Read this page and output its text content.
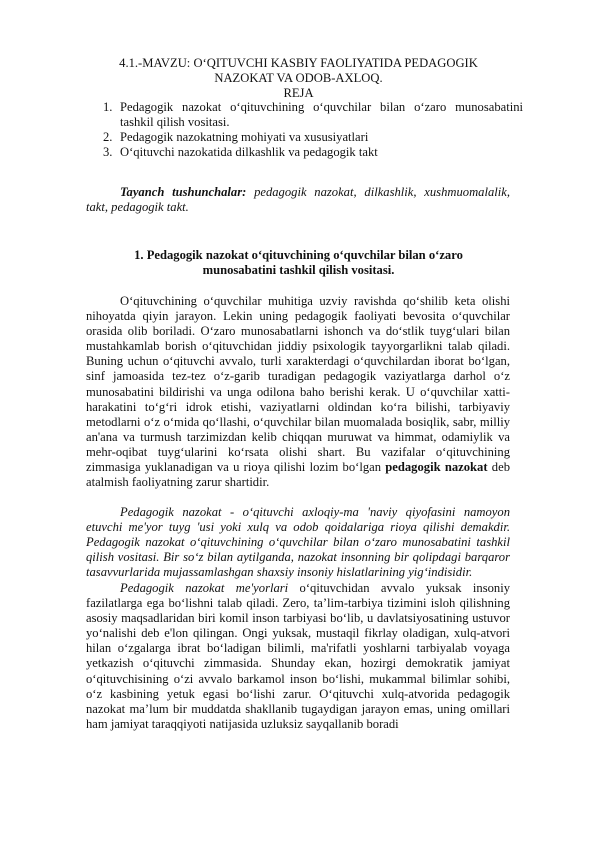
4.1.-MAVZU: O‘QITUVCHI KASBIY FAOLIYATIDA PEDAGOGIK
NAZOKAT VA ODOB-AXLOQ.
REJA
1. Pedagogik nazokat o‘qituvchining o‘quvchilar bilan o‘zaro munosabatini tashkil qilish vositasi.
2. Pedagogik nazokatning mohiyati va xususiyatlari
3. O‘qituvchi nazokatida dilkashlik va pedagogik takt

Tayanch tushunchalar: pedagogik nazokat, dilkashlik, xushmuomalalik, takt, pedagogik takt.

1. Pedagogik nazokat o‘qituvchining o‘quvchilar bilan o‘zaro
munosabatini tashkil qilish vositasi.

O‘qituvchining o‘quvchilar muhitiga uzviy ravishda qo‘shilib keta olishi nihoyatda qiyin jarayon. Lekin uning pedagogik faoliyati bevosita o‘quvchilar orasida olib boriladi. O‘zaro munosabatlarni ishonch va do‘stlik tuyg‘ulari bilan mustahkamlab borish o‘qituvchidan jiddiy psixologik tayyorgarlikni talab qiladi. Buning uchun o‘qituvchi avvalo, turli xarakterdagi o‘quvchilardan iborat bo‘lgan, sinf jamoasida tez-tez o‘z-garib turadigan pedagogik vaziyatlarga darhol o‘z munosabatini bildirishi va unga odilona baho berishi kerak. U o‘quvchilar xatti-harakatini to‘g‘ri idrok etishi, vaziyatlarni oldindan ko‘ra bilishi, tarbiyaviy metodlarni o‘z o‘mida qo‘llashi, o‘quvchilar bilan muomalada bosiqlik, sabr, milliy an'ana va turmush tarzimizdan kelib chiqqan muruwat va himmat, odamiylik va mehr-oqibat tuyg‘ularini ko‘rsata olishi shart. Bu vazifalar o‘qituvchining zimmasiga yuklanadigan va u rioya qilishi lozim bo‘lgan pedagogik nazokat deb atalmish faoliyatning zarur shartidir.

Pedagogik nazokat - o‘qituvchi axloqiy-ma 'naviy qiyofasini namoyon etuvchi me'yor tuyg 'usi yoki xulq va odob qoidalariga rioya qilishi demakdir. Pedagogik nazokat o‘qituvchining o‘quvchilar bilan o‘zaro munosabatini tashkil qilish vositasi. Bir so‘z bilan aytilganda, nazokat insonning bir qolipdagi barqaror tasavvurlarida mujassamlashgan shaxsiy insoniy hislatlarining yig‘indisidir.

Pedagogik nazokat me'yorlari o‘qituvchidan avvalo yuksak insoniy fazilatlarga ega bo‘lishni talab qiladi. Zero, ta’lim-tarbiya tizimini isloh qilishning asosiy maqsadlaridan biri komil inson tarbiyasi bo‘lib, u davlatsiyosatining ustuvor yo‘nalishi deb e'lon qilingan. Ongi yuksak, mustaqil fikrlay oladigan, xulq-atvori hilan o‘zgalarga ibrat bo‘ladigan bilimli, ma'rifatli yoshlarni tarbiyalab voyaga yetkazish o‘qituvchi zimmasida. Shunday ekan, hozirgi demokratik jamiyat o‘qituvchisining o‘zi avvalo barkamol inson bo‘lishi, mukammal bilimlar sohibi, o‘z kasbining yetuk egasi bo‘lishi zarur. O‘qituvchi xulq-atvorida pedagogik nazokat ma’lum bir muddatda shakllanib tugaydigan jarayon emas, uning omillari ham jamiyat taraqqiyoti natijasida uzluksiz sayqallanib boradi
